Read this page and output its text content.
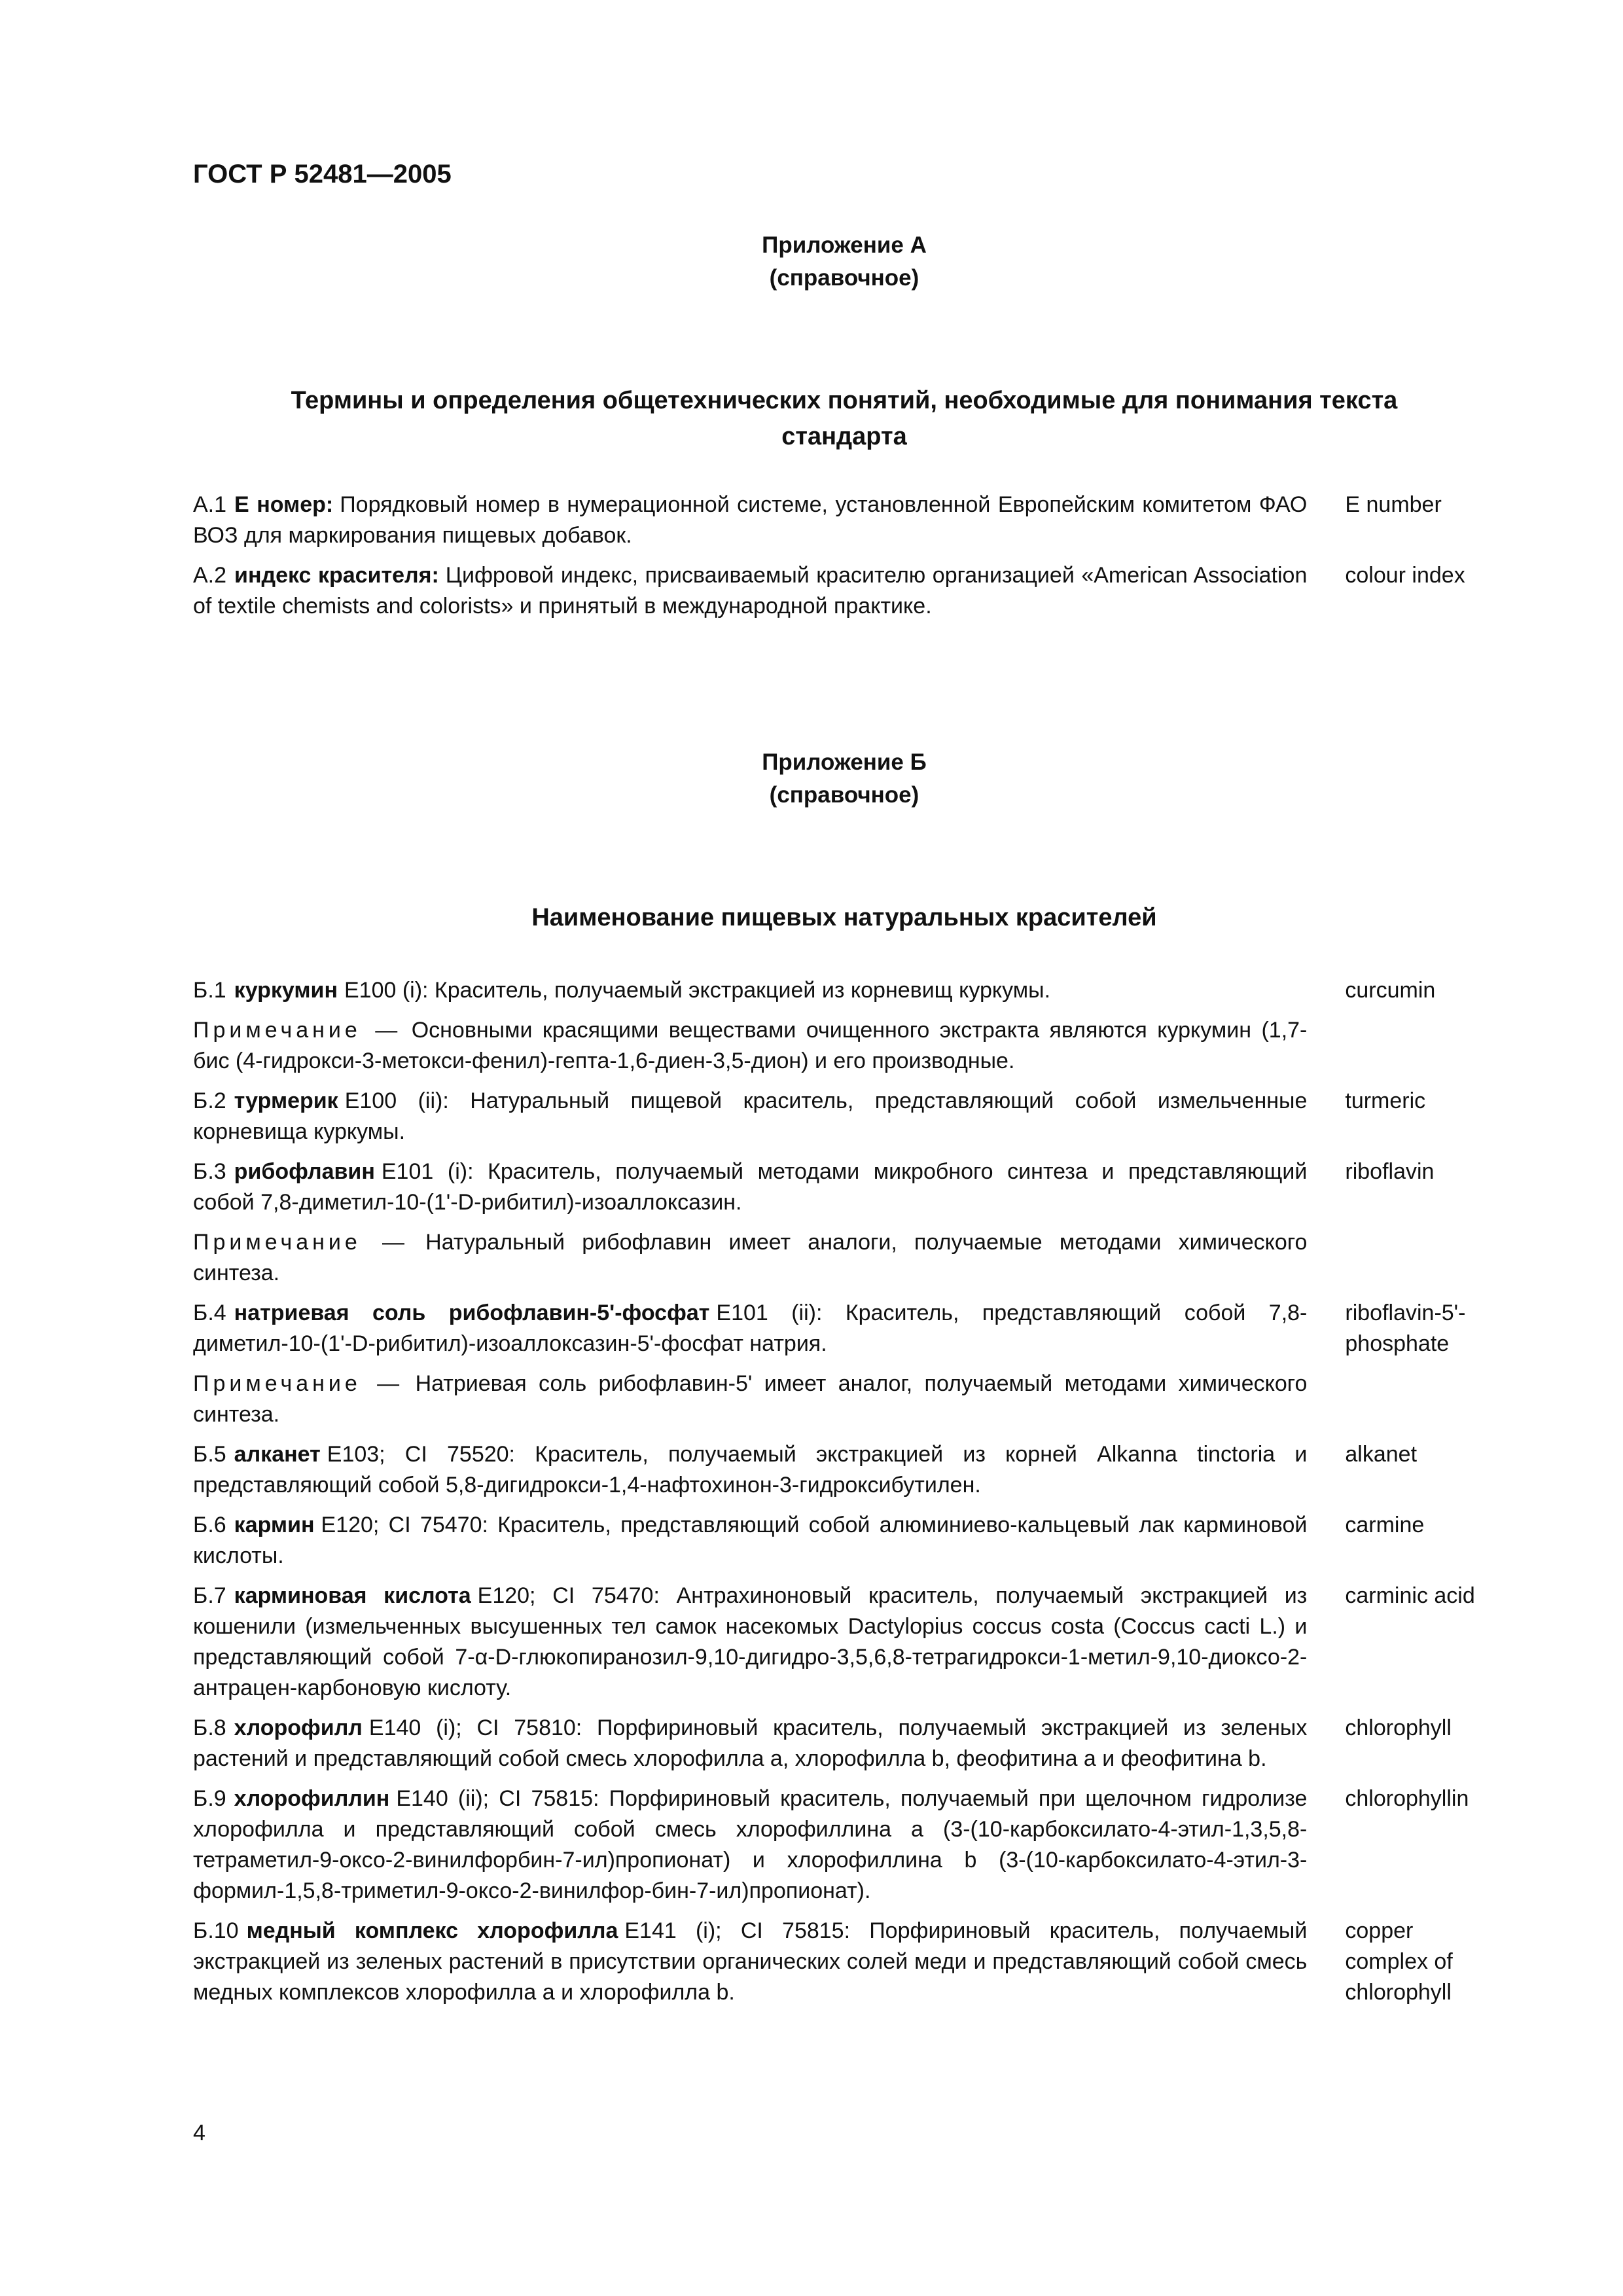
ГОСТ Р 52481—2005
Приложение А
(справочное)
Термины и определения общетехнических понятий, необходимые для понимания текста стандарта
А.1 Е номер: Порядковый номер в нумерационной системе, установленной Европейским комитетом ФАО ВОЗ для маркирования пищевых добавок.
E number
А.2 индекс красителя: Цифровой индекс, присваиваемый красителю организацией «American Association of textile chemists and colorists» и принятый в международной практике.
colour index
Приложение Б
(справочное)
Наименование пищевых натуральных красителей
Б.1 куркумин Е100 (i): Краситель, получаемый экстракцией из корневищ куркумы.	curcumin
Примечание — Основными красящими веществами очищенного экстракта являются куркумин (1,7-бис (4-гидрокси-3-метокси-фенил)-гепта-1,6-диен-3,5-дион) и его производные.
Б.2 турмерик Е100 (ii): Натуральный пищевой краситель, представляющий собой измельченные корневища куркумы.
turmeric
Б.3 рибофлавин Е101 (i): Краситель, получаемый методами микробного синтеза и представляющий собой 7,8-диметил-10-(1'-D-рибитил)-изоаллоксазин.
riboflavin
Примечание — Натуральный рибофлавин имеет аналоги, получаемые методами химического синтеза.
Б.4 натриевая соль рибофлавин-5'-фосфат Е101 (ii): Краситель, представляющий собой 7,8-диметил-10-(1'-D-рибитил)-изоаллоксазин-5'-фосфат натрия.
riboflavin-5'-phosphate
Примечание — Натриевая соль рибофлавин-5' имеет аналог, получаемый методами химического синтеза.
Б.5 алканет Е103; CI 75520: Краситель, получаемый экстракцией из корней Alkanna tinctoria и представляющий собой 5,8-дигидрокси-1,4-нафтохинон-3-гидроксибутилен.
alkanet
Б.6 кармин Е120; CI 75470: Краситель, представляющий собой алюминиево-кальцевый лак карминовой кислоты.
carmine
Б.7 карминовая кислота Е120; CI 75470: Антрахиноновый краситель, получаемый экстракцией из кошенили (измельченных высушенных тел самок насекомых Dactylopius coccus costa (Coccus cacti L.) и представляющий собой 7-α-D-глюкопиранозил-9,10-дигидро-3,5,6,8-тетрагидрокси-1-метил-9,10-диоксо-2-антрацен-карбоновую кислоту.
carminic acid
Б.8 хлорофилл Е140 (i); CI 75810: Порфириновый краситель, получаемый экстракцией из зеленых растений и представляющий собой смесь хлорофилла a, хлорофилла b, феофитина a и феофитина b.
chlorophyll
Б.9 хлорофиллин Е140 (ii); CI 75815: Порфириновый краситель, получаемый при щелочном гидролизе хлорофилла и представляющий собой смесь хлорофиллина a (3-(10-карбоксилато-4-этил-1,3,5,8-тетраметил-9-оксо-2-винилфорбин-7-ил)пропионат) и хлорофиллина b (3-(10-карбоксилато-4-этил-3-формил-1,5,8-триметил-9-оксо-2-винилфор-бин-7-ил)пропионат).
chlorophyllin
Б.10 медный комплекс хлорофилла Е141 (i); CI 75815: Порфириновый краситель, получаемый экстракцией из зеленых растений в присутствии органических солей меди и представляющий собой смесь медных комплексов хлорофилла a и хлорофилла b.
copper complex of chlorophyll
4
